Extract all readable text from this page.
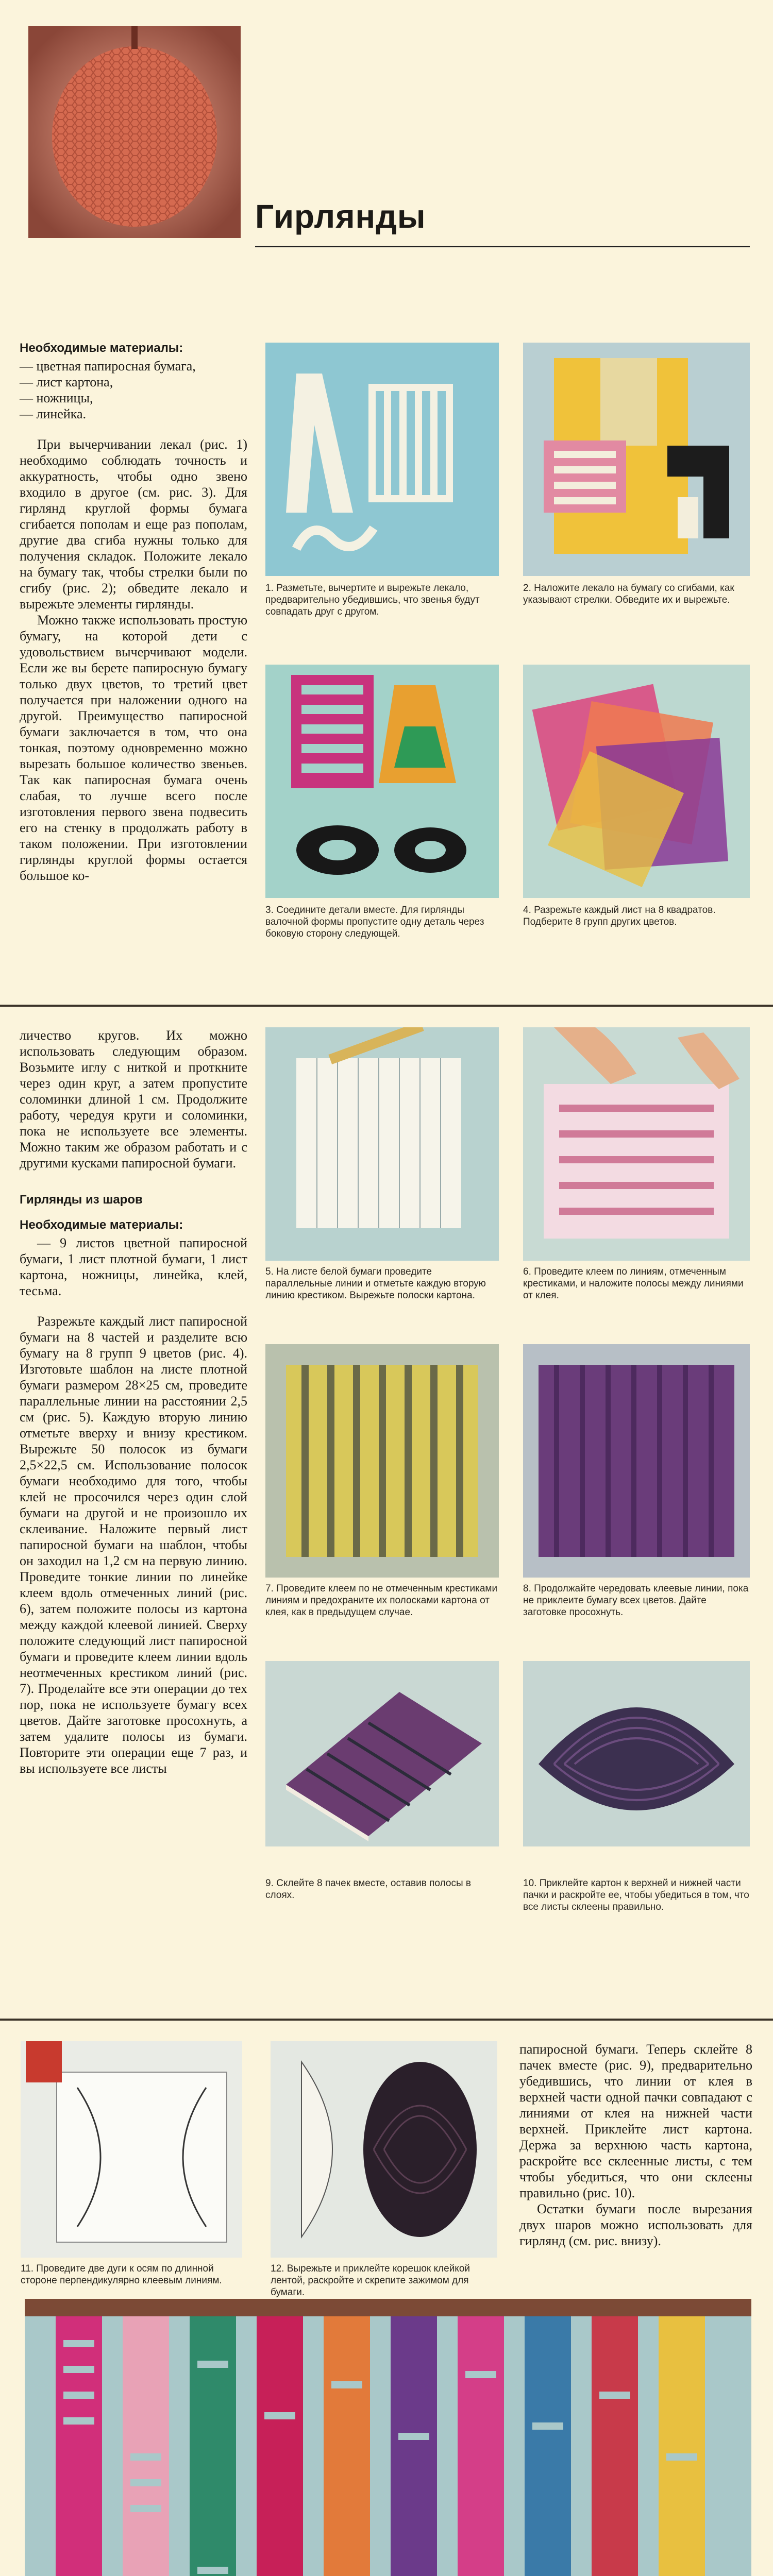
Гирлянды

Необходимые материалы:

— цветная папиросная бумага,

— лист картона,

— ножницы,

— линейка.

При вычерчивании лекал (рис. 1) необходимо соблюдать точность и аккуратность, чтобы одно звено входило в другое (см. рис. 3). Для гирлянд круглой формы бумага сгибается пополам и еще раз пополам, другие два сгиба нужны только для получения складок. Положите лекало на бумагу так, чтобы стрелки были по сгибу (рис. 2); обведите лекало и вырежьте элементы гирлянды.

Можно также использовать простую бумагу, на которой дети с удовольствием вычерчивают модели. Если же вы берете папиросную бумагу только двух цветов, то третий цвет получается при наложении одного на другой. Преимущество папиросной бумаги заключается в том, что она тонкая, поэтому одновременно можно вырезать большое количество звеньев. Так как папиросная бумага очень слабая, то лучше всего после изготовления первого звена подвесить его на стенку в продолжать работу в таком положении. При изготовлении гирлянды круглой формы остается большое ко-

1. Разметьте, вычертите и вырежьте лекало, предварительно убедившись, что звенья будут совпадать друг с другом.
2. Наложите лекало на бумагу со сгибами, как указывают стрелки. Обведите их и вырежьте.
3. Соедините детали вместе. Для гирлянды валочной формы пропустите одну деталь через боковую сторону следующей.
4. Разрежьте каждый лист на 8 квадратов. Подберите 8 групп других цветов.

личество кругов. Их можно использовать следующим образом. Возьмите иглу с ниткой и проткните через один круг, а затем пропустите соломинки длиной 1 см. Продолжите работу, чередуя круги и соломинки, пока не используете все элементы. Можно таким же образом работать и с другими кусками папиросной бумаги.

Гирлянды из шаров

Необходимые материалы:

— 9 листов цветной папиросной бумаги, 1 лист плотной бумаги, 1 лист картона, ножницы, линейка, клей, тесьма.

Разрежьте каждый лист папиросной бумаги на 8 частей и разделите всю бумагу на 8 групп 9 цветов (рис. 4). Изготовьте шаблон на листе плотной бумаги размером 28×25 см, проведите параллельные линии на расстоянии 2,5 см (рис. 5). Каждую вторую линию отметьте вверху и внизу крестиком. Вырежьте 50 полосок из бумаги 2,5×22,5 см. Использование полосок бумаги необходимо для того, чтобы клей не просочился через один слой бумаги на другой и не произошло их склеивание. Наложите первый лист папиросной бумаги на шаблон, чтобы он заходил на 1,2 см на первую линию. Проведите тонкие линии по линейке клеем вдоль отмеченных линий (рис. 6), затем положите полосы из картона между каждой клеевой линией. Сверху положите следующий лист папиросной бумаги и проведите клеем линии вдоль неотмеченных крестиком линий (рис. 7). Проделайте все эти операции до тех пор, пока не используете бумагу всех цветов. Дайте заготовке просохнуть, а затем удалите полосы из бумаги. Повторите эти операции еще 7 раз, и вы используете все листы

5. На листе белой бумаги проведите параллельные линии и отметьте каждую вторую линию крестиком. Вырежьте полоски картона.
6. Проведите клеем по линиям, отмеченным крестиками, и наложите полосы между линиями от клея.
7. Проведите клеем по не отмеченным крестиками линиям и предохраните их полосками картона от клея, как в предыдущем случае.
8. Продолжайте чередовать клеевые линии, пока не приклеите бумагу всех цветов. Дайте заготовке просохнуть.
9. Склейте 8 пачек вместе, оставив полосы в слоях.
10. Приклейте картон к верхней и нижней части пачки и раскройте ее, чтобы убедиться в том, что все листы склеены правильно.
11. Проведите две дуги к осям по длинной стороне перпендикулярно клеевым линиям.
12. Вырежьте и приклейте корешок клейкой лентой, раскройте и скрепите зажимом для бумаги.

папиросной бумаги. Теперь склейте 8 пачек вместе (рис. 9), предварительно убедившись, что линии от клея в верхней части одной пачки совпадают с линиями от клея на нижней части верхней. Приклейте лист картона. Держа за верхнюю часть картона, раскройте все склеенные листы, с тем чтобы убедиться, что они склеены правильно (рис. 10).

Остатки бумаги после вырезания двух шаров можно использовать для гирлянд (см. рис. внизу).
